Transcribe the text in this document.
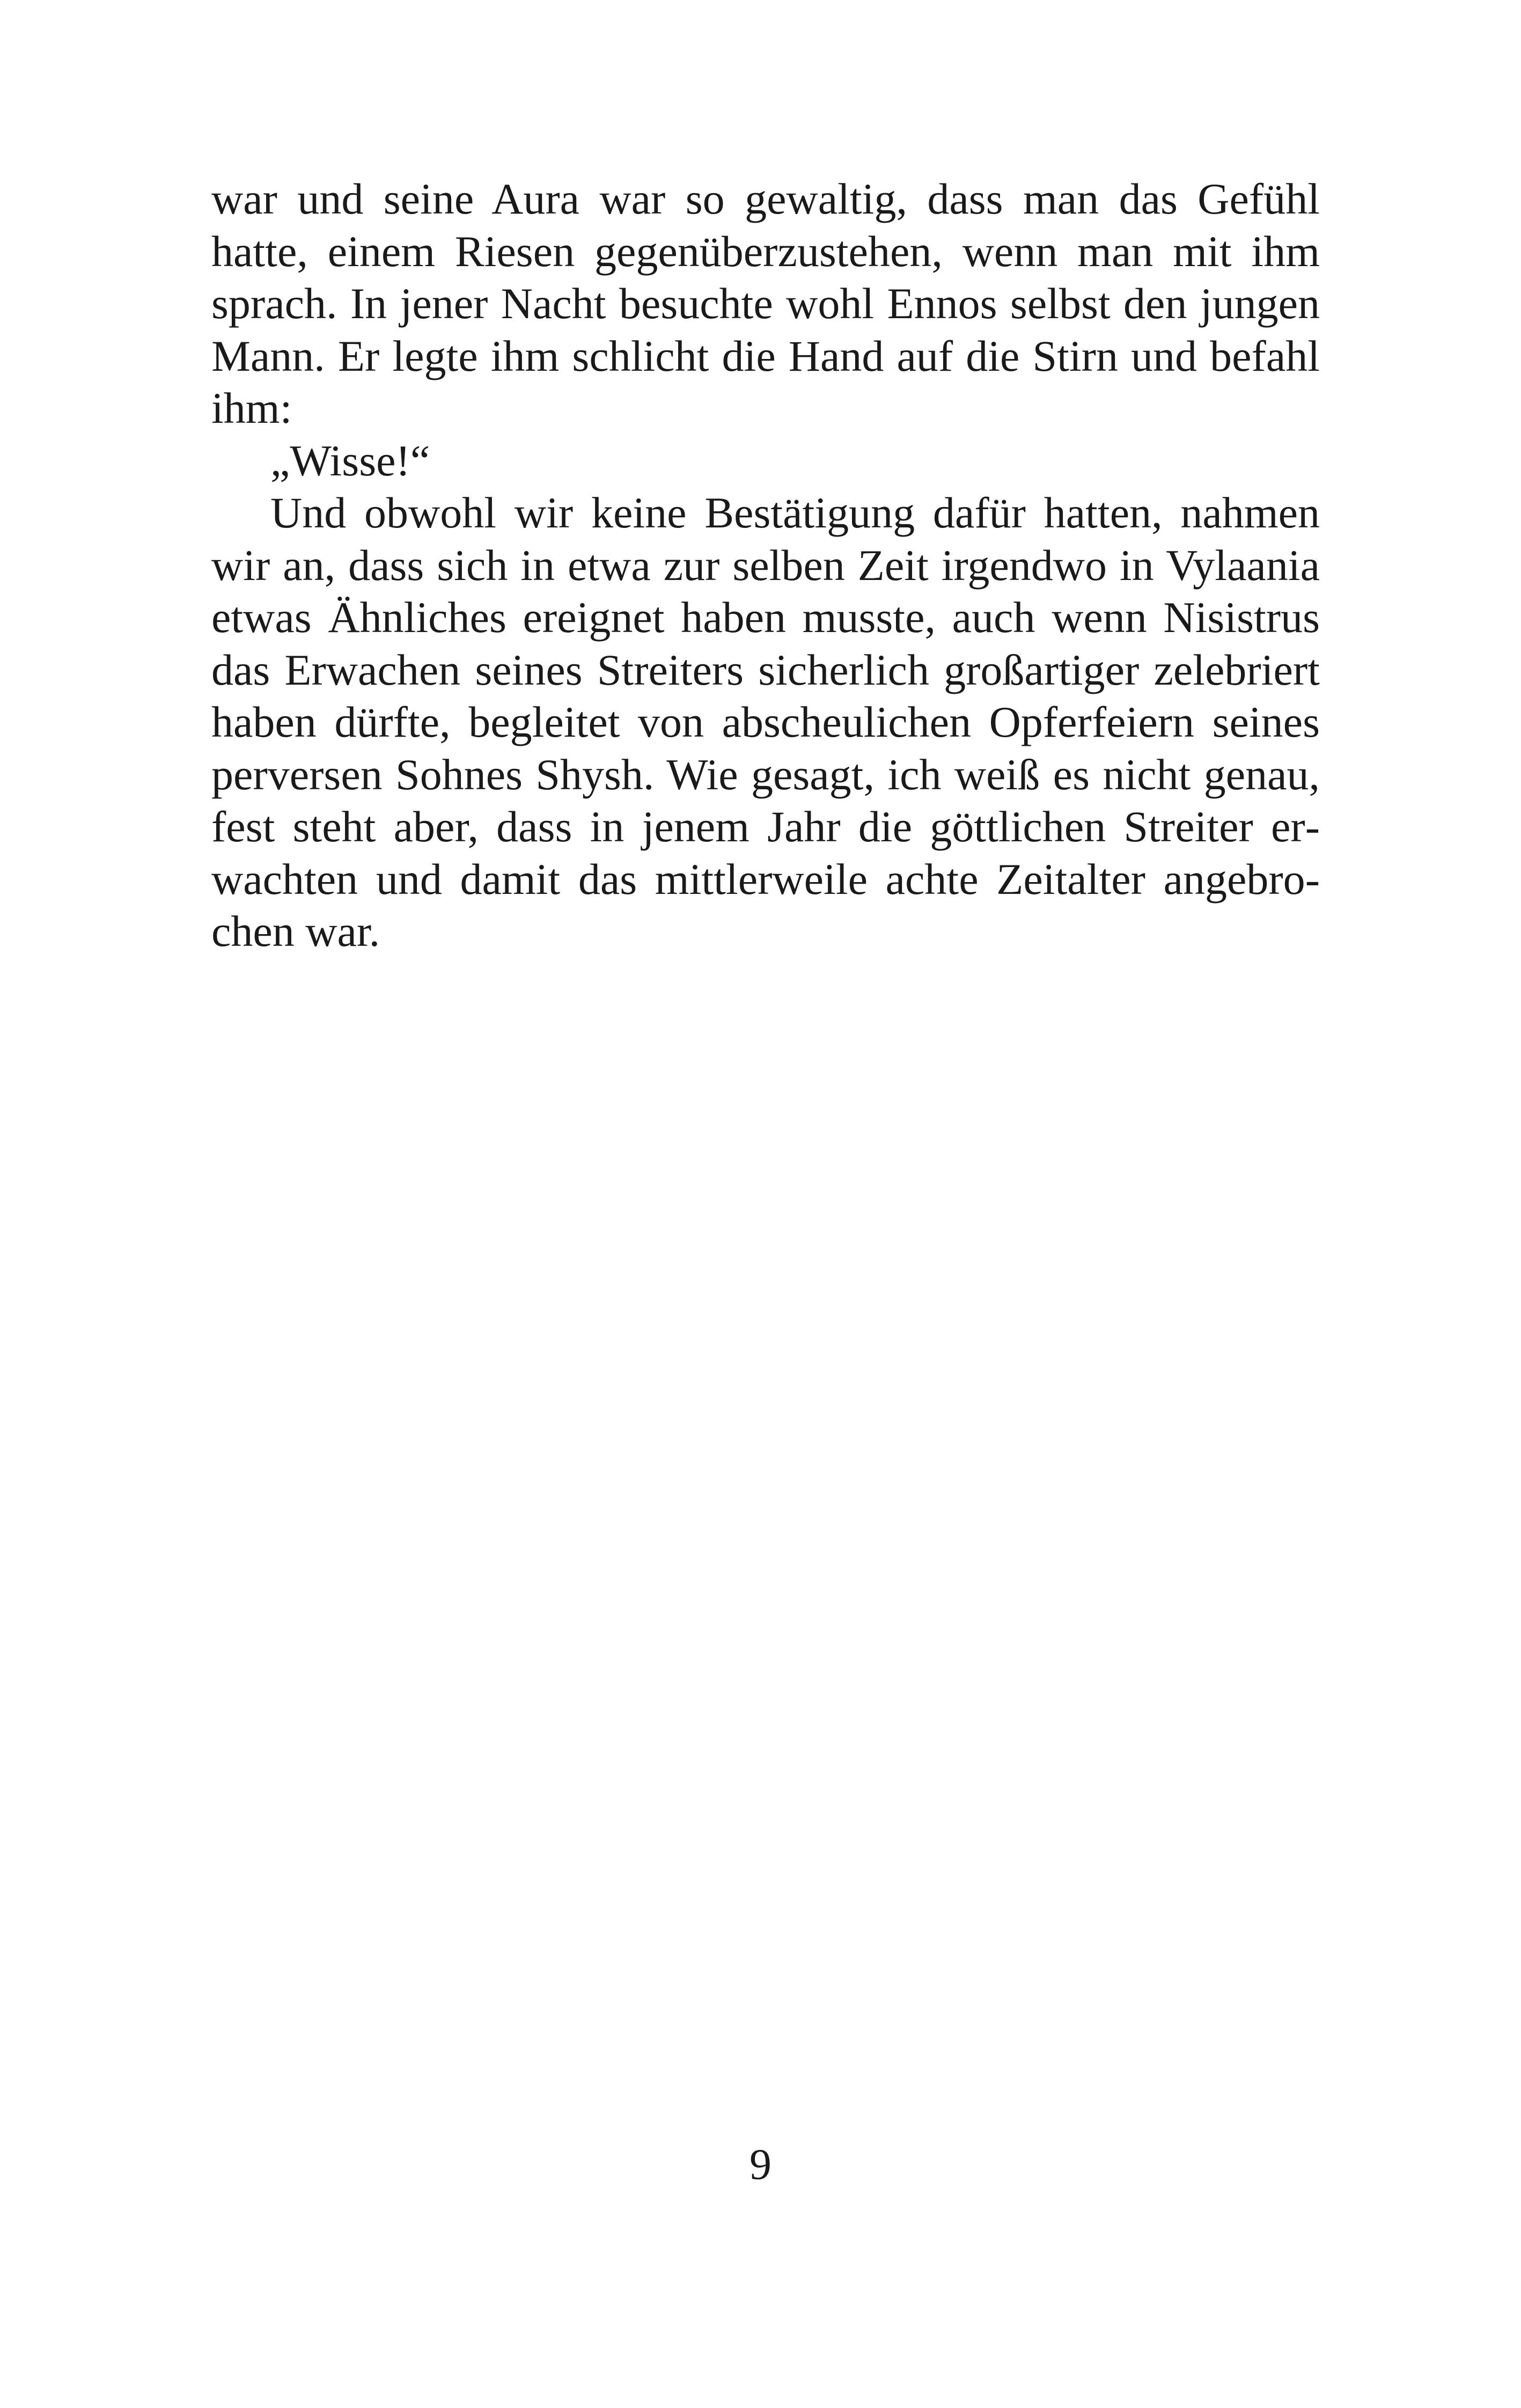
war und seine Aura war so gewaltig, dass man das Gefühl hatte, einem Riesen gegenüberzustehen, wenn man mit ihm sprach. In jener Nacht besuchte wohl Ennos selbst den jungen Mann. Er legte ihm schlicht die Hand auf die Stirn und befahl ihm:

„Wisse!“

Und obwohl wir keine Bestätigung dafür hatten, nahmen wir an, dass sich in etwa zur selben Zeit irgendwo in Vylaania etwas Ähnliches ereignet haben musste, auch wenn Nisistrus das Erwachen seines Streiters sicherlich großartiger zelebriert haben dürfte, begleitet von abscheulichen Opferfeiern seines perversen Sohnes Shysh. Wie gesagt, ich weiß es nicht genau, fest steht aber, dass in jenem Jahr die göttlichen Streiter erwachten und damit das mittlerweile achte Zeitalter angebrochen war.

9
